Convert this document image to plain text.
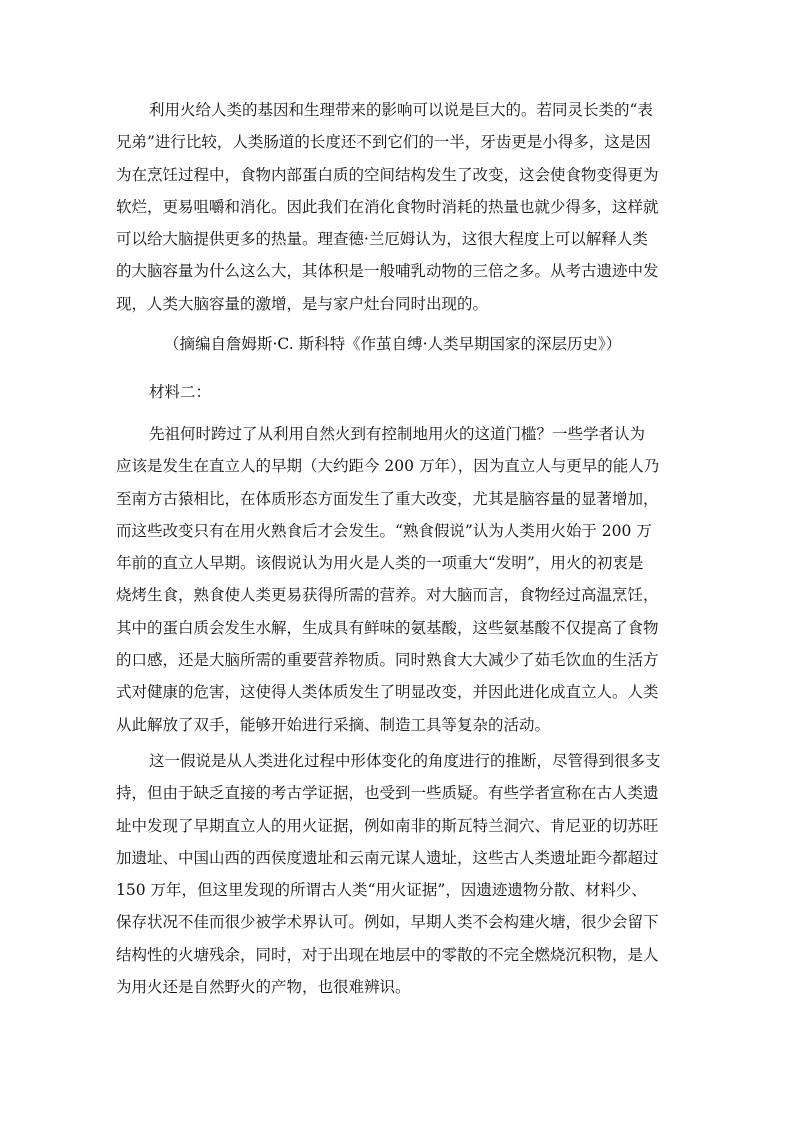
利用火给人类的基因和生理带来的影响可以说是巨大的。若同灵长类的“表
兄弟”进行比较，人类肠道的长度还不到它们的一半，牙齿更是小得多，这是因
为在烹饪过程中，食物内部蛋白质的空间结构发生了改变，这会使食物变得更为
软烂，更易咀嚼和消化。因此我们在消化食物时消耗的热量也就少得多，这样就
可以给大脑提供更多的热量。理查德·兰厄姆认为，这很大程度上可以解释人类
的大脑容量为什么这么大，其体积是一般哺乳动物的三倍之多。从考古遗迹中发
现，人类大脑容量的激增，是与家户灶台同时出现的。
（摘编自詹姆斯·C. 斯科特《作茧自缚·人类早期国家的深层历史》）
材料二：
先祖何时跨过了从利用自然火到有控制地用火的这道门槛？一些学者认为
应该是发生在直立人的早期（大约距今 200 万年），因为直立人与更早的能人乃
至南方古猿相比，在体质形态方面发生了重大改变，尤其是脑容量的显著增加，
而这些改变只有在用火熟食后才会发生。“熟食假说”认为人类用火始于 200 万
年前的直立人早期。该假说认为用火是人类的一项重大“发明”，用火的初衷是
烧烤生食，熟食使人类更易获得所需的营养。对大脑而言，食物经过高温烹饪，
其中的蛋白质会发生水解，生成具有鲜味的氨基酸，这些氨基酸不仅提高了食物
的口感，还是大脑所需的重要营养物质。同时熟食大大减少了茹毛饮血的生活方
式对健康的危害，这使得人类体质发生了明显改变，并因此进化成直立人。人类
从此解放了双手，能够开始进行采摘、制造工具等复杂的活动。
这一假说是从人类进化过程中形体变化的角度进行的推断，尽管得到很多支
持，但由于缺乏直接的考古学证据，也受到一些质疑。有些学者宣称在古人类遗
址中发现了早期直立人的用火证据，例如南非的斯瓦特兰洞穴、肯尼亚的切苏旺
加遗址、中国山西的西侯度遗址和云南元谋人遗址，这些古人类遗址距今都超过
150 万年，但这里发现的所谓古人类“用火证据”，因遗迹遗物分散、材料少、
保存状况不佳而很少被学术界认可。例如，早期人类不会构建火塘，很少会留下
结构性的火塘残余，同时，对于出现在地层中的零散的不完全燃烧沉积物，是人
为用火还是自然野火的产物，也很难辨识。
